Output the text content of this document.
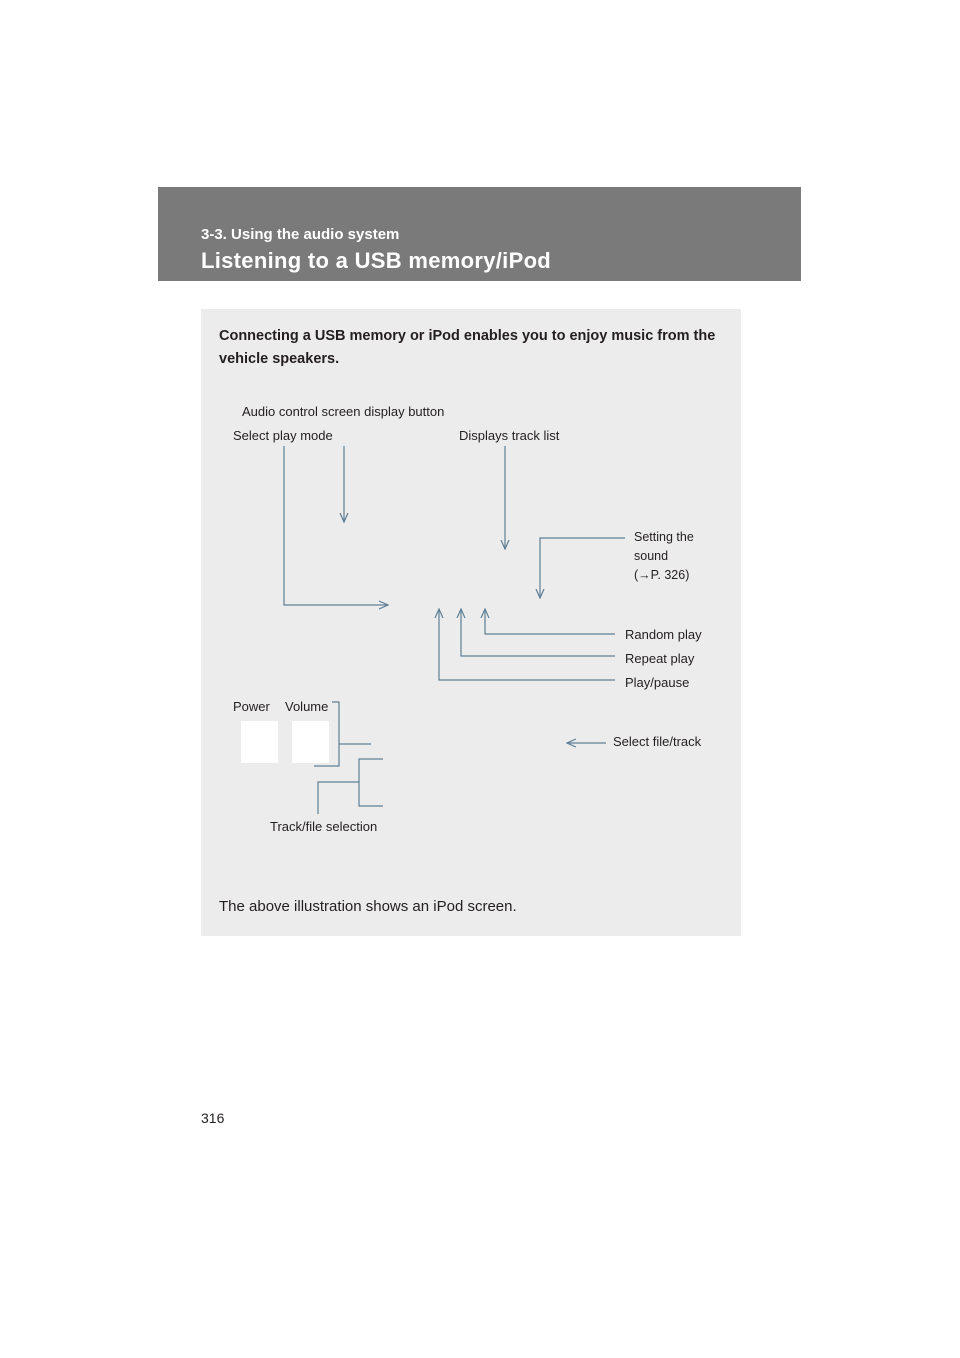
3-3. Using the audio system
Listening to a USB memory/iPod
Connecting a USB memory or iPod enables you to enjoy music from the vehicle speakers.
Audio control screen display button
Select play mode	Displays track list
Setting the sound
(→P. 326)
Random play
Repeat play
Play/pause
Power Volume
Select file/track
Track/file selection
The above illustration shows an iPod screen.
316
